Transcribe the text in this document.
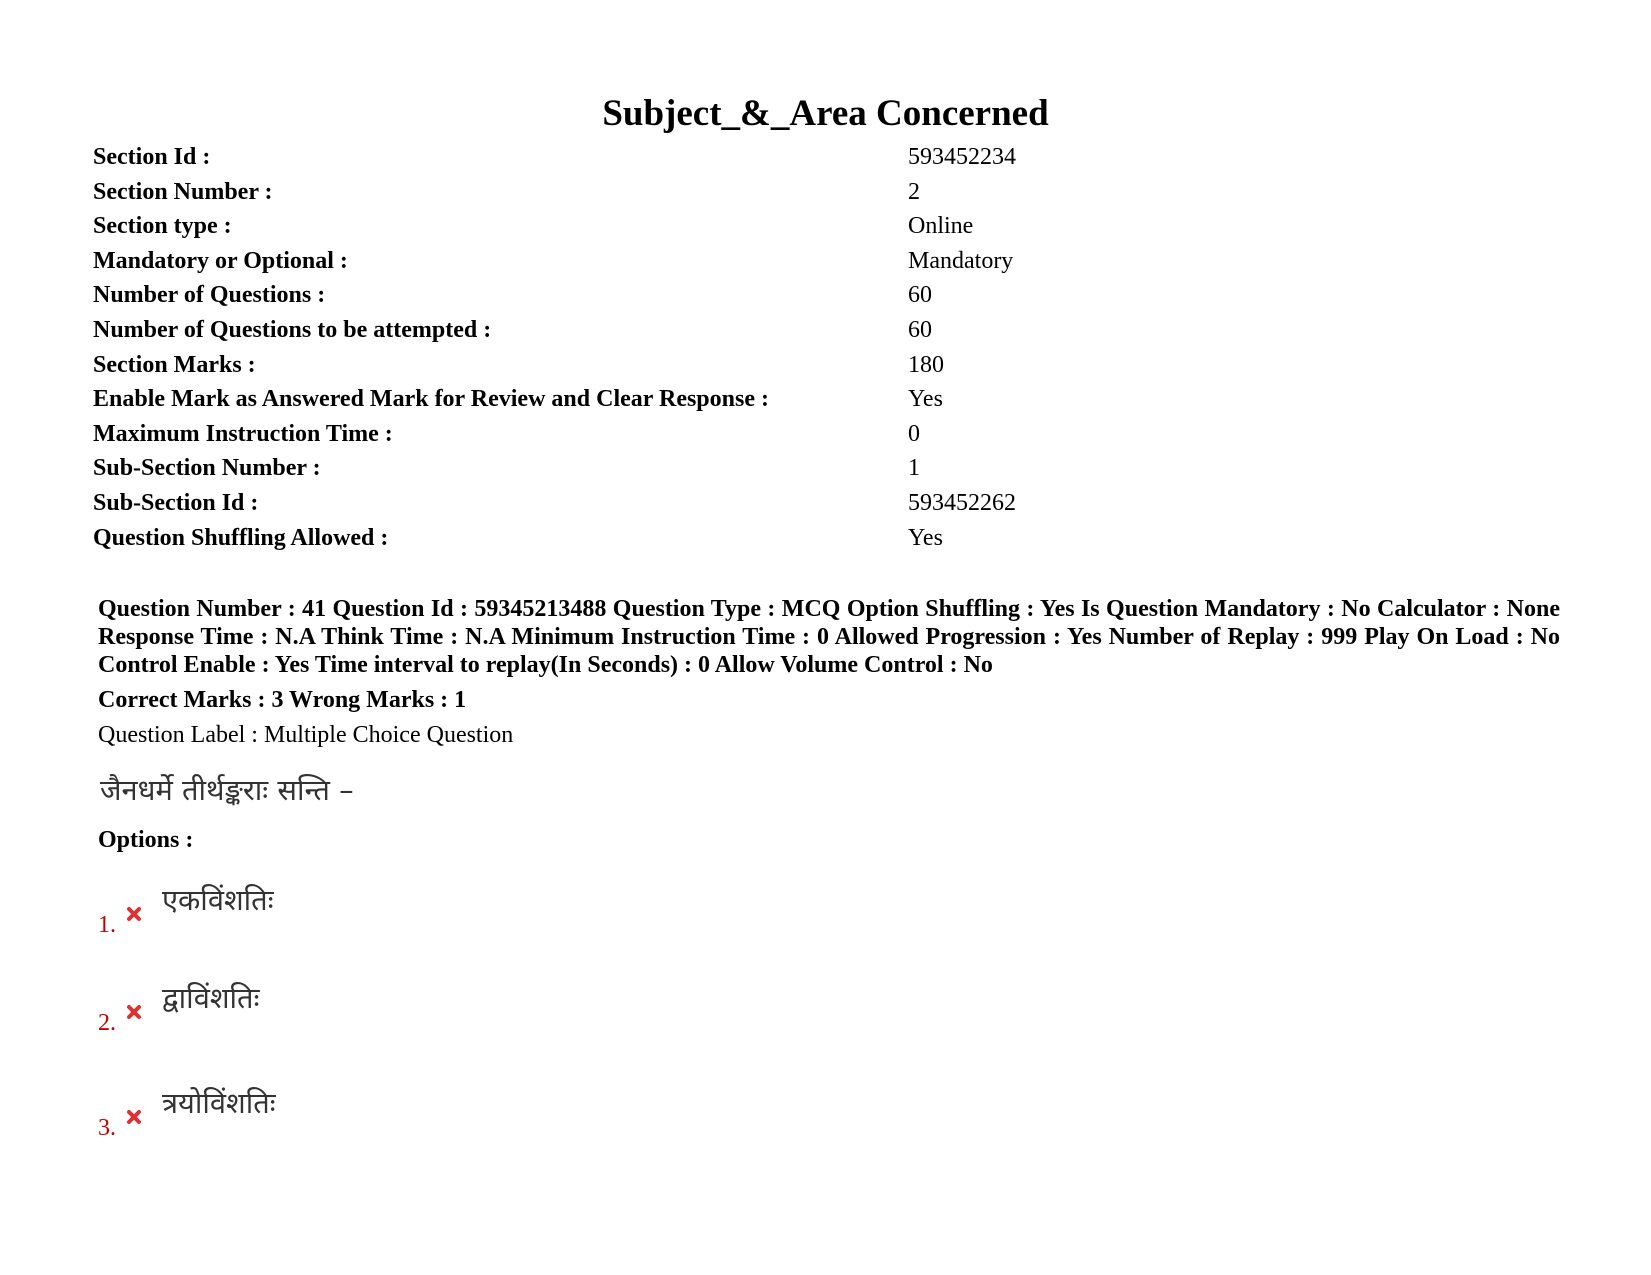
Subject_&_Area Concerned
Section Id :	593452234
Section Number :	2
Section type :	Online
Mandatory or Optional :	Mandatory
Number of Questions :	60
Number of Questions to be attempted :	60
Section Marks :	180
Enable Mark as Answered Mark for Review and Clear Response :	Yes
Maximum Instruction Time :	0
Sub-Section Number :	1
Sub-Section Id :	593452262
Question Shuffling Allowed :	Yes
Question Number : 41 Question Id : 59345213488 Question Type : MCQ Option Shuffling : Yes Is Question Mandatory : No Calculator : None Response Time : N.A Think Time : N.A Minimum Instruction Time : 0 Allowed Progression : Yes Number of Replay : 999 Play On Load : No Control Enable : Yes Time interval to replay(In Seconds) : 0 Allow Volume Control : No
Correct Marks : 3 Wrong Marks : 1
Question Label : Multiple Choice Question
जैनधर्मे तीर्थङ्कराः सन्ति –
Options :
1.
एकविंशतिः
2.
द्वाविंशतिः
3.
त्रयोविंशतिः
